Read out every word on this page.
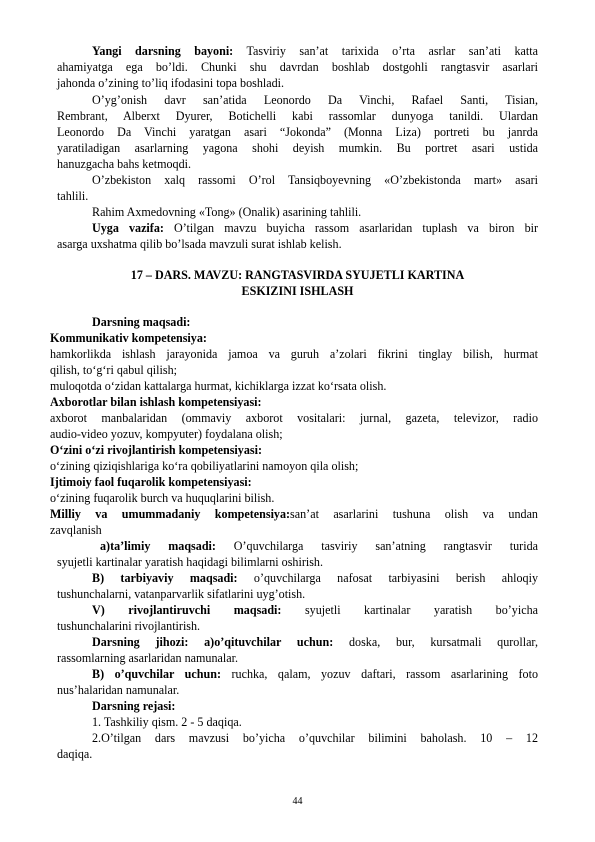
Yangi darsning bayoni: Tasviriy san’at tarixida o’rta asrlar san’ati katta
ahamiyatga ega bo’ldi. Chunki shu davrdan boshlab dostgohli rangtasvir asarlari
jahonda o’zining to’liq ifodasini topa boshladi.
O’yg’onish davr san’atida Leonordo Da Vinchi, Rafael Santi, Tisian,
Rembrant, Alberxt Dyurer, Botichelli kabi rassomlar dunyoga tanildi. Ulardan
Leonordo Da Vinchi yaratgan asari “Jokonda” (Monna Liza) portreti bu janrda
yaratiladigan asarlarning yagona shohi deyish mumkin. Bu portret asari ustida
hanuzgacha bahs ketmoqdi.
O’zbekiston xalq rassomi O’rol Tansiqboyevning «O’zbekistonda mart» asari
tahlili.
Rahim Axmedovning «Tong» (Onalik) asarining tahlili.
Uyga vazifa: O’tilgan mavzu buyicha rassom asarlaridan tuplash va biron bir
asarga uxshatma qilib bo’lsada mavzuli surat ishlab kelish.
17 – DARS. MAVZU: RANGTASVIRDA SYUJETLI KARTINA
ESKIZINI ISHLASH
Darsning maqsadi:
Kommunikativ kompetensiya:
hamkorlikda ishlash jarayonida jamoa va guruh a’zolari fikrini tinglay bilish, hurmat
qilish, to‘g‘ri qabul qilish;
muloqotda o‘zidan kattalarga hurmat, kichiklarga izzat ko‘rsata olish.
Axborotlar bilan ishlash kompetensiyasi:
axborot manbalaridan (ommaviy axborot vositalari: jurnal, gazeta, televizor, radio
audio-video yozuv, kompyuter) foydalana olish;
O‘zini o‘zi rivojlantirish kompetensiyasi:
o‘zining qiziqishlariga ko‘ra qobiliyatlarini namoyon qila olish;
Ijtimoiy faol fuqarolik kompetensiyasi:
o‘zining fuqarolik burch va huquqlarini bilish.
Milliy va umummadaniy kompetensiya:san’at asarlarini tushuna olish va undan
zavqlanish
a)ta’limiy maqsadi: O’quvchilarga tasviriy san’atning rangtasvir turida
syujetli kartinalar yaratish haqidagi bilimlarni oshirish.
B) tarbiyaviy maqsadi: o’quvchilarga nafosat tarbiyasini berish ahloqiy
tushunchalarni, vatanparvarlik sifatlarini uyg’otish.
V) rivojlantiruvchi maqsadi: syujetli kartinalar yaratish bo’yicha
tushunchalarini rivojlantirish.
Darsning jihozi: a)o’qituvchilar uchun: doska, bur, kursatmali qurollar,
rassomlarning asarlaridan namunalar.
B) o’quvchilar uchun: ruchka, qalam, yozuv daftari, rassom asarlarining foto
nus’halaridan namunalar.
Darsning rejasi:
1. Tashkiliy qism. 2 - 5 daqiqa.
2.O’tilgan dars mavzusi bo’yicha o’quvchilar bilimini baholash. 10 – 12
daqiqa.
44
